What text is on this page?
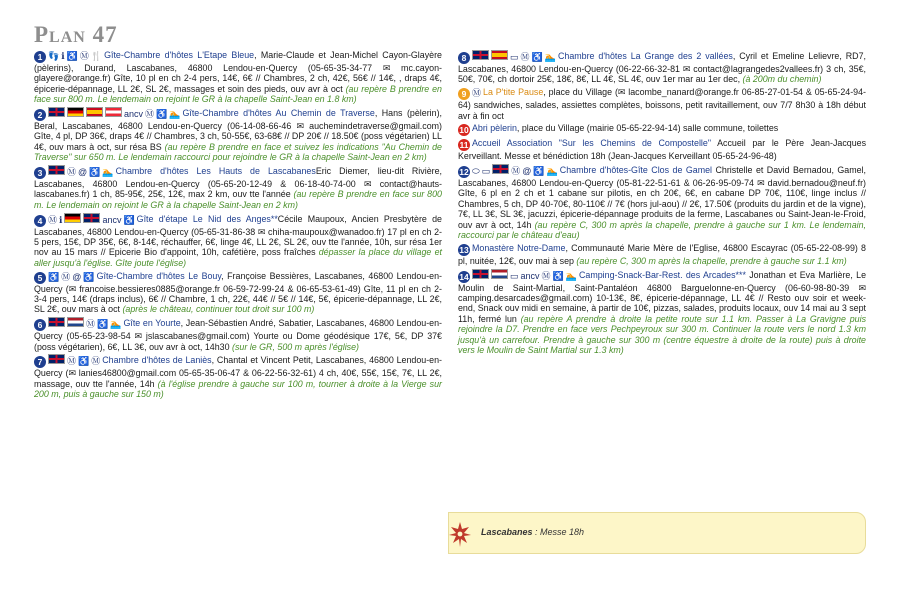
Plan 47

1 👣 ℹ ♿ Ⓜ 🍴 Gîte-Chambre d'hôtes L'Etape Bleue, Marie-Claude et Jean-Michel Cayon-Glayère (pèlerins), Durand, Lascabanes, 46800 Lendou-en-Quercy (05-65-35-34-77 ✉ mc.cayon-glayere@orange.fr) Gîte, 10 pl en ch 2-4 pers, 14€, 6€ // Chambres, 2 ch, 42€, 56€ // 14€, , draps 4€, épicerie-dépannage, LL 2€, SL 2€, massages et soin des pieds, ouv avr à oct (au repère B prendre en face sur 800 m. Le lendemain on rejoint le GR à la chapelle Saint-Jean en 1.8 km)

2	ancv Ⓜ ♿ 🏊 Gîte-Chambre d'hôtes Au Chemin de Traverse, Hans (pèlerin), Beral, Lascabanes, 46800 Lendou-en-Quercy (06-14-08-66-46 ✉ auchemindetraverse@gmail.com) Gîte, 4 pl, DP 36€, draps 4€ // Chambres, 3 ch, 50-55€, 63-68€ // DP 20€ // 18.50€ (poss végétarien) LL 4€, ouv mars à oct, sur résa BS (au repère B prendre en face et suivez les indications "Au Chemin de Traverse" sur 650 m. Le lendemain raccourci pour rejoindre le GR à la chapelle Saint-Jean en 2 km)

3	Ⓜ @ ♿ 🏊 Chambre d'hôtes Les Hauts de LascabanesEric Diemer, lieu-dit Rivière, Lascabanes, 46800 Lendou-en-Quercy (05-65-20-12-49 & 06-18-40-74-00 ✉ contact@hauts-lascabanes.fr) 1 ch, 85-95€, 25€, 12€, max 2 km, ouv tte l'année (au repère B prendre en face sur 800 m. Le lendemain on rejoint le GR à la chapelle Saint-Jean en 2 km)

4 Ⓜ ℹ	ancv ♿ Gîte d'étape Le Nid des Anges**Cécile Maupoux, Ancien Presbytère de Lascabanes, 46800 Lendou-en-Quercy (05-65-31-86-38 ✉ chiha-maupoux@wanadoo.fr) 17 pl en ch 2-5 pers, 15€, DP 35€, 6€, 8-14€, réchauffer, 6€, linge 4€, LL 2€, SL 2€, ouv tte l'année, 10h, sur résa 1er nov au 15 mars // Epicerie Bio d'appoint, 10h, cafétière, poss fraîches dépasser la place du village et aller jusqu'à l'église. Gîte joute l'église)

5 ♿ Ⓜ @ ♿ Gîte-Chambre d'hôtes Le Bouy, Françoise Bessières, Lascabanes, 46800 Lendou-en-Quercy (✉ francoise.bessieres0885@orange.fr 06-59-72-99-24 & 06-65-53-61-49) Gîte, 11 pl en ch 2-3-4 pers, 14€ (draps inclus), 6€ // Chambre, 1 ch, 22€, 44€ // 5€ // 14€, 5€, épicerie-dépannage, LL 2€, SL 2€, ouv mars à oct (après le château, continuer tout droit sur 100 m)

6	Ⓜ ♿ 🏊 Gîte en Yourte, Jean-Sébastien André, Sabatier, Lascabanes, 46800 Lendou-en-Quercy (05-65-23-98-54 ✉ jslascabanes@gmail.com) Yourte ou Dome géodésique 17€, 5€, DP 37€ (poss végétarien), 6€, LL 3€, ouv avr à oct, 14h30 (sur le GR, 500 m après l'église)

7	Ⓜ ♿ Ⓜ Chambre d'hôtes de Laniès, Chantal et Vincent Petit, Lascabanes, 46800 Lendou-en-Quercy (✉ lanies46800@gmail.com 05-65-35-06-47 & 06-22-56-32-61) 4 ch, 40€, 55€, 15€, 7€, LL 2€, massage, ouv tte l'année, 14h (à l'église prendre à gauche sur 100 m, tourner à droite à la Vierge sur 200 m, puis à gauche sur 150 m)

8	▭ Ⓜ ♿ 🏊 Chambre d'hôtes La Grange des 2 vallées, Cyril et Emeline Lelievre, RD7, Lascabanes, 46800 Lendou-en-Quercy (06-22-66-32-81 ✉ contact@lagrangedes2vallees.fr) 3 ch, 35€, 50€, 70€, ch dortoir 25€, 18€, 8€, LL 4€, SL 4€, ouv 1er mar au 1er dec, (à 200m du chemin)

9 Ⓜ La P'tite Pause, place du Village (✉ lacombe_nanard@orange.fr 06-85-27-01-54 & 05-65-24-94-64) sandwiches, salades, assiettes complètes, boissons, petit ravitaillement, ouv 7/7 8h30 à 18h début avr à fin oct

10 Abri pèlerin, place du Village (mairie 05-65-22-94-14) salle commune, toilettes

11 Accueil Association "Sur les Chemins de Compostelle" Accueil par le Père Jean-Jacques Kerveillant. Messe et bénédiction 18h (Jean-Jacques Kerveillant 05-65-24-96-48)

12 ⬭ ▭ Ⓜ @ ♿ 🏊 Chambre d'hôtes-Gîte Clos de Gamel Christelle et David Bernadou, Gamel, Lascabanes, 46800 Lendou-en-Quercy (05-81-22-51-61 & 06-26-95-09-74 ✉ david.bernadou@neuf.fr) Gîte, 6 pl en 2 ch et 1 cabane sur pilotis, en ch 20€, 6€, en cabane DP 70€, 110€, linge inclus // Chambres, 5 ch, DP 40-70€, 80-110€ // 7€ (hors jul-aou) // 2€, 17.50€ (produits du jardin et de la vigne), 7€, LL 3€, SL 3€, jacuzzi, épicerie-dépannage produits de la ferme, Lascabanes ou Saint-Jean-le-Froid, ouv avr à oct, 14h (au repère C, 300 m après la chapelle, prendre à gauche sur 1 km. Le lendemain, raccourci par le château d'eau)

13 Monastère Notre-Dame, Communauté Marie Mère de l'Eglise, 46800 Escayrac (05-65-22-08-99) 8 pl, nuitée, 12€, ouv mai à sep (au repère C, 300 m après la chapelle, prendre à gauche sur 1.1 km)

14	▭ ancv Ⓜ ♿ 🏊 Camping-Snack-Bar-Rest. des Arcades*** Jonathan et Eva Marlière, Le Moulin de Saint-Martial, Saint-Pantaléon 46800 Barguelonne-en-Quercy (06-60-98-80-39 ✉ camping.desarcades@gmail.com) 10-13€, 8€, épicerie-dépannage, LL 4€ // Resto ouv soir et week-end, Snack ouv midi en semaine, à partir de 10€, pizzas, salades, produits locaux, ouv 14 mai au 3 sept 11h, fermé lun (au repère A prendre à droite la petite route sur 1.1 km. Passer à La Gravigne puis rejoindre la D7. Prendre en face vers Pechpeyroux sur 300 m. Continuer la route vers le nord 1.3 km jusqu'à un carrefour. Prendre à gauche sur 300 m (centre équestre à droite de la route) puis à droite vers le Moulin de Saint Martial sur 1.3 km)

Lascabanes : Messe 18h
